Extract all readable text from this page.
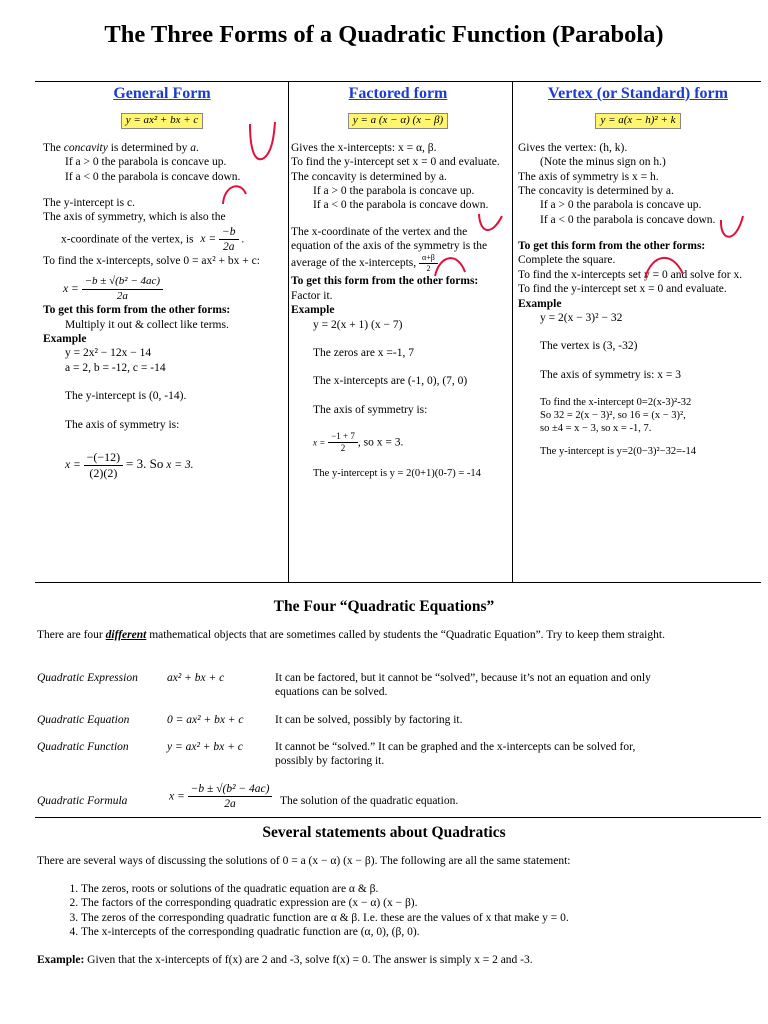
The Three Forms of a Quadratic Function (Parabola)
General Form
y = ax² + bx + c

The concavity is determined by a.

If a > 0 the parabola is concave up.

If a < 0 the parabola is concave down.

The y-intercept is c.

The axis of symmetry, which is also the

x-coordinate of the vertex, is $x = \frac{-b}{2a}$ .

To find the x-intercepts, solve 0 = ax² + bx + c:

$x = \frac{\text{−b ± √(b² − 4ac)}}{2a}$

To get this form from the other forms:

Multiply it out & collect like terms.

Example

y = 2x² − 12x − 14

a = 2, b = -12, c = -14

The y-intercept is (0, -14).

The axis of symmetry is:

$x = \frac{-(-12)}{(2)(2)} = 3$. So x = 3.

Factored form
y = a (x − α) (x − β)

Gives the x-intercepts: x = α, β.

To find the y-intercept set x = 0 and evaluate.

The concavity is determined by a.

If a > 0 the parabola is concave up.

If a < 0 the parabola is concave down.

The x-coordinate of the vertex and the equation of the axis of the symmetry is the average of the x-intercepts, $\frac{\alpha+\beta}{2}$ .

To get this form from the other forms:

Factor it.

Example

y = 2(x + 1) (x − 7)

The zeros are x =-1, 7

The x-intercepts are (-1, 0), (7, 0)

The axis of symmetry is:

$x = \frac{-1 + 7}{2}$ , so x = 3.

The y-intercept is y = 2(0+1)(0-7) = -14

Vertex (or Standard) form
y = a(x − h)² + k

Gives the vertex: (h, k).

(Note the minus sign on h.)

The axis of symmetry is x = h.

The concavity is determined by a.

If a > 0 the parabola is concave up.

If a < 0 the parabola is concave down.

To get this form from the other forms:

Complete the square.

To find the x-intercepts set y = 0 and solve for x.

To find the y-intercept set x = 0 and evaluate.

Example

y = 2(x − 3)² − 32

The vertex is (3, -32)

The axis of symmetry is: x = 3

To find the x-intercept 0=2(x-3)²-32

So 32 = 2(x − 3)², so 16 = (x − 3)²,

so ±4 = x − 3, so x = -1, 7.

The y-intercept is y=2(0−3)²−32=-14

The Four “Quadratic Equations”

There are four different mathematical objects that are sometimes called by students the “Quadratic Equation”. Try to keep them straight.

Quadratic Expression	ax² + bx + c	It can be factored, but it cannot be “solved”, because it’s not an equation and only equations can be solved.
Quadratic Equation	0 = ax² + bx + c	It can be solved, possibly by factoring it.
Quadratic Function	y = ax² + bx + c	It cannot be “solved.” It can be graphed and the x-intercepts can be solved for, possibly by factoring it.
Quadratic Formula	$x = \frac{\text{−b ± √(b² − 4ac)}}{2a}$ The solution of the quadratic equation.
Several statements about Quadratics

There are several ways of discussing the solutions of 0 = a (x − α) (x − β). The following are all the same statement:

1. The zeros, roots or solutions of the quadratic equation are α & β.
2. The factors of the corresponding quadratic expression are (x − α) (x − β).
3. The zeros of the corresponding quadratic function are α & β. I.e. these are the values of x that make y = 0.
4. The x-intercepts of the corresponding quadratic function are (α, 0), (β, 0).

Example: Given that the x-intercepts of f(x) are 2 and -3, solve f(x) = 0. The answer is simply x = 2 and -3.
